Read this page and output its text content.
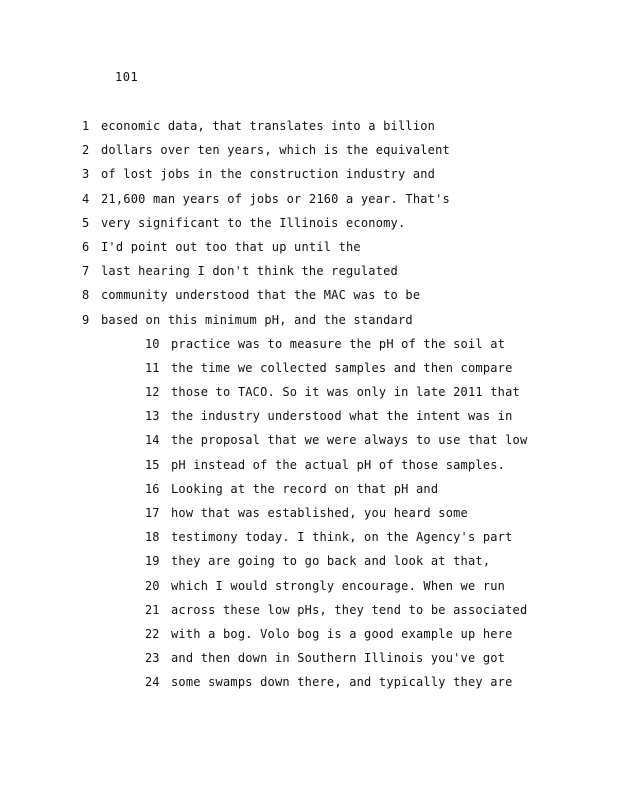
101
1 economic data, that translates into a billion
2 dollars over ten years, which is the equivalent
3 of lost jobs in the construction industry and
4 21,600 man years of jobs or 2160 a year. That's
5 very significant to the Illinois economy.
6 I'd point out too that up until the
7 last hearing I don't think the regulated
8 community understood that the MAC was to be
9 based on this minimum pH, and the standard
10 practice was to measure the pH of the soil at
11 the time we collected samples and then compare
12 those to TACO. So it was only in late 2011 that
13 the industry understood what the intent was in
14 the proposal that we were always to use that low
15 pH instead of the actual pH of those samples.
16 Looking at the record on that pH and
17 how that was established, you heard some
18 testimony today. I think, on the Agency's part
19 they are going to go back and look at that,
20 which I would strongly encourage. When we run
21 across these low pHs, they tend to be associated
22 with a bog. Volo bog is a good example up here
23 and then down in Southern Illinois you've got
24 some swamps down there, and typically they are
